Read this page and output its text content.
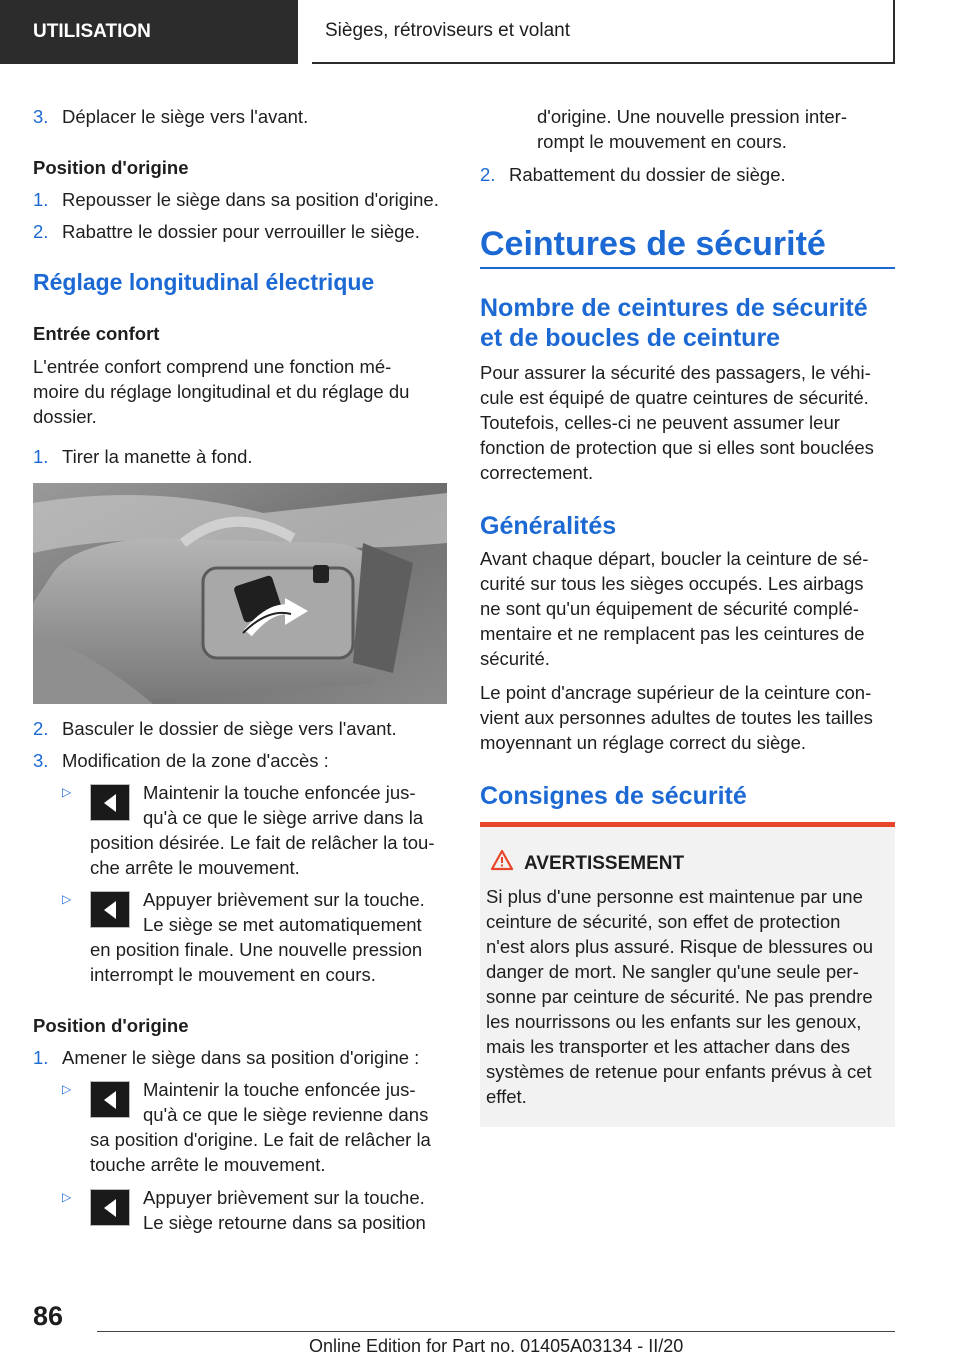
UTILISATION	Sièges, rétroviseurs et volant
3. Déplacer le siège vers l'avant.
Position d'origine
1. Repousser le siège dans sa position d'origine.
2. Rabattre le dossier pour verrouiller le siège.
Réglage longitudinal électrique
Entrée confort
L'entrée confort comprend une fonction mé-
moire du réglage longitudinal et du réglage du
dossier.
1. Tirer la manette à fond.
2. Basculer le dossier de siège vers l'avant.
3. Modification de la zone d'accès :
▷	Maintenir la touche enfoncée jus-
qu'à ce que le siège arrive dans la
position désirée. Le fait de relâcher la tou-
che arrête le mouvement.
▷	Appuyer brièvement sur la touche.
Le siège se met automatiquement
en position finale. Une nouvelle pression
interrompt le mouvement en cours.
Position d'origine
1. Amener le siège dans sa position d'origine :
▷	Maintenir la touche enfoncée jus-
qu'à ce que le siège revienne dans
sa position d'origine. Le fait de relâcher la
touche arrête le mouvement.
▷	Appuyer brièvement sur la touche.
Le siège retourne dans sa position
d'origine. Une nouvelle pression inter-
rompt le mouvement en cours.
2. Rabattement du dossier de siège.
Ceintures de sécurité
Nombre de ceintures de sécurité
et de boucles de ceinture
Pour assurer la sécurité des passagers, le véhi-
cule est équipé de quatre ceintures de sécurité.
Toutefois, celles-ci ne peuvent assumer leur
fonction de protection que si elles sont bouclées
correctement.
Généralités
Avant chaque départ, boucler la ceinture de sé-
curité sur tous les sièges occupés. Les airbags
ne sont qu'un équipement de sécurité complé-
mentaire et ne remplacent pas les ceintures de
sécurité.
Le point d'ancrage supérieur de la ceinture con-
vient aux personnes adultes de toutes les tailles
moyennant un réglage correct du siège.
Consignes de sécurité
AVERTISSEMENT
Si plus d'une personne est maintenue par une
ceinture de sécurité, son effet de protection
n'est alors plus assuré. Risque de blessures ou
danger de mort. Ne sangler qu'une seule per-
sonne par ceinture de sécurité. Ne pas prendre
les nourrissons ou les enfants sur les genoux,
mais les transporter et les attacher dans des
systèmes de retenue pour enfants prévus à cet
effet.
86
Online Edition for Part no. 01405A03134 - II/20
